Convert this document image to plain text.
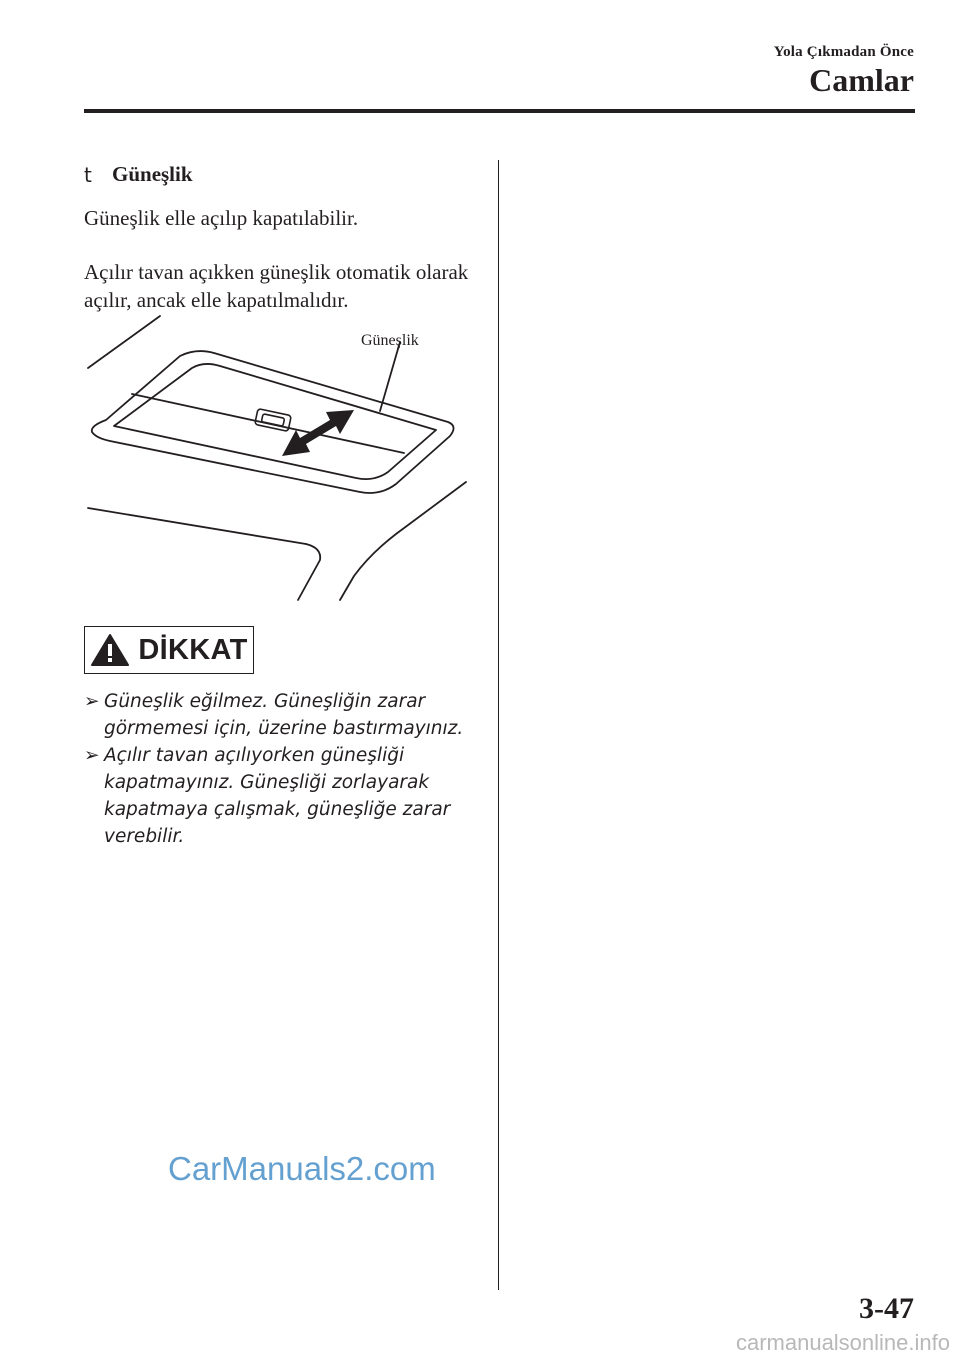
Yola Çıkmadan Önce
Camlar
t Güneşlik
Güneşlik elle açılıp kapatılabilir.
Açılır tavan açıkken güneşlik otomatik olarak açılır, ancak elle kapatılmalıdır.
Güneşlik
DİKKAT
➢ Güneşlik eğilmez. Güneşliğin zarar görmemesi için, üzerine bastırmayınız.
➢ Açılır tavan açılıyorken güneşliği kapatmayınız. Güneşliği zorlayarak kapatmaya çalışmak, güneşliğe zarar verebilir.
CarManuals2.com
3-47
carmanualsonline.info
